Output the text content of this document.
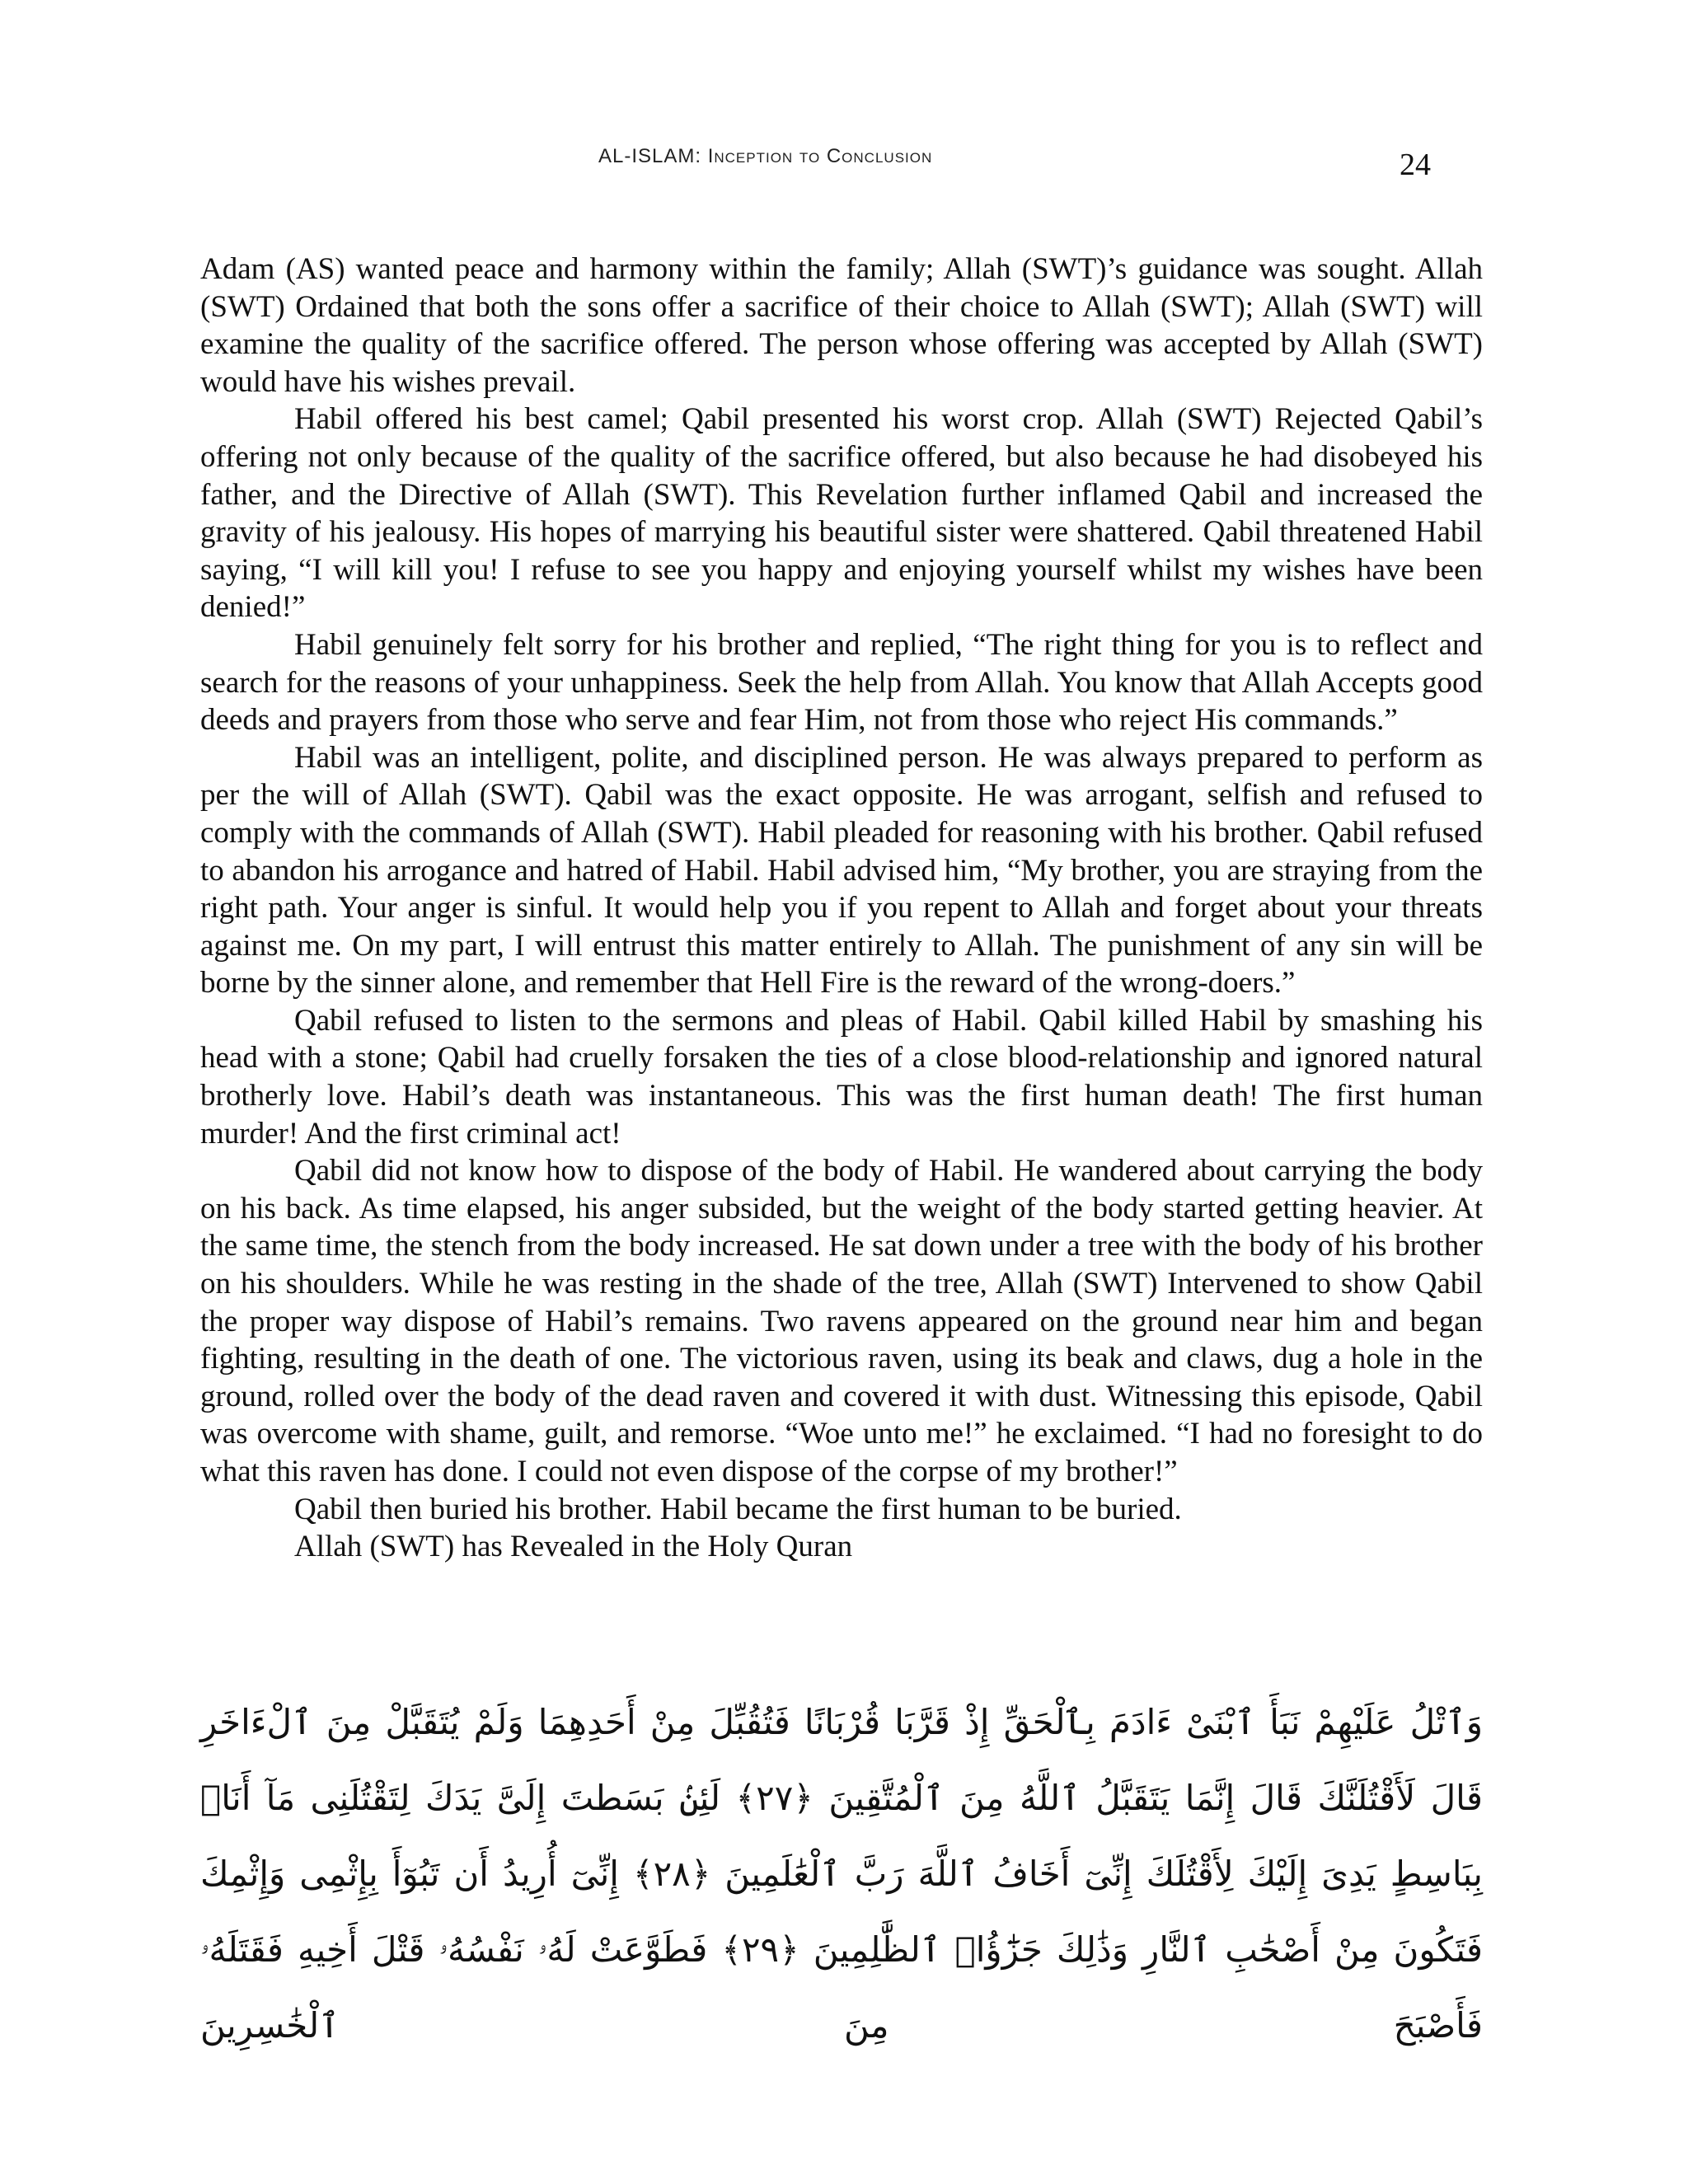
AL-ISLAM: Inception to Conclusion	24

Adam (AS) wanted peace and harmony within the family; Allah (SWT)’s guidance was sought. Allah (SWT) Ordained that both the sons offer a sacrifice of their choice to Allah (SWT); Allah (SWT) will examine the quality of the sacrifice offered. The person whose offering was accepted by Allah (SWT) would have his wishes prevail.

Habil offered his best camel; Qabil presented his worst crop. Allah (SWT) Rejected Qabil’s offering not only because of the quality of the sacrifice offered, but also because he had disobeyed his father, and the Directive of Allah (SWT). This Revelation further inflamed Qabil and increased the gravity of his jealousy. His hopes of marrying his beautiful sister were shattered. Qabil threatened Habil saying, “I will kill you! I refuse to see you happy and enjoying yourself whilst my wishes have been denied!”

Habil genuinely felt sorry for his brother and replied, “The right thing for you is to reflect and search for the reasons of your unhappiness. Seek the help from Allah. You know that Allah Accepts good deeds and prayers from those who serve and fear Him, not from those who reject His commands.”

Habil was an intelligent, polite, and disciplined person. He was always prepared to perform as per the will of Allah (SWT). Qabil was the exact opposite. He was arrogant, selfish and refused to comply with the commands of Allah (SWT). Habil pleaded for reasoning with his brother. Qabil refused to abandon his arrogance and hatred of Habil. Habil advised him, “My brother, you are straying from the right path. Your anger is sinful. It would help you if you repent to Allah and forget about your threats against me. On my part, I will entrust this matter entirely to Allah. The punishment of any sin will be borne by the sinner alone, and remember that Hell Fire is the reward of the wrong-doers.”

Qabil refused to listen to the sermons and pleas of Habil. Qabil killed Habil by smashing his head with a stone; Qabil had cruelly forsaken the ties of a close blood-relationship and ignored natural brotherly love. Habil’s death was instantaneous. This was the first human death! The first human murder! And the first criminal act!

Qabil did not know how to dispose of the body of Habil. He wandered about carrying the body on his back. As time elapsed, his anger subsided, but the weight of the body started getting heavier. At the same time, the stench from the body increased. He sat down under a tree with the body of his brother on his shoulders. While he was resting in the shade of the tree, Allah (SWT) Intervened to show Qabil the proper way dispose of Habil’s remains. Two ravens appeared on the ground near him and began fighting, resulting in the death of one. The victorious raven, using its beak and claws, dug a hole in the ground, rolled over the body of the dead raven and covered it with dust. Witnessing this episode, Qabil was overcome with shame, guilt, and remorse. “Woe unto me!” he exclaimed. “I had no foresight to do what this raven has done. I could not even dispose of the corpse of my brother!”

Qabil then buried his brother. Habil became the first human to be buried.

Allah (SWT) has Revealed in the Holy Quran

وَٱتْلُ عَلَيْهِمْ نَبَأَ ٱبْنَىْ ءَادَمَ بِٱلْحَقِّ إِذْ قَرَّبَا قُرْبَانًا فَتُقُبِّلَ مِنْ أَحَدِهِمَا وَلَمْ يُتَقَبَّلْ مِنَ ٱلْءَاخَرِ قَالَ لَأَقْتُلَنَّكَ قَالَ إِنَّمَا يَتَقَبَّلُ ٱللَّهُ مِنَ ٱلْمُتَّقِينَ ﴿٢٧﴾ لَئِنۢ بَسَطتَ إِلَىَّ يَدَكَ لِتَقْتُلَنِى مَآ أَنَا۠ بِبَاسِطٍ يَدِىَ إِلَيْكَ لِأَقْتُلَكَ إِنِّىٓ أَخَافُ ٱللَّهَ رَبَّ ٱلْعَٰلَمِينَ ﴿٢٨﴾ إِنِّىٓ أُرِيدُ أَن تَبُوٓأَ بِإِثْمِى وَإِثْمِكَ فَتَكُونَ مِنْ أَصْحَٰبِ ٱلنَّارِ وَذَٰلِكَ جَزَٰٓؤُا۟ ٱلظَّٰلِمِينَ ﴿٢٩﴾ فَطَوَّعَتْ لَهُۥ نَفْسُهُۥ قَتْلَ أَخِيهِ فَقَتَلَهُۥ فَأَصْبَحَ مِنَ ٱلْخَٰسِرِينَ
